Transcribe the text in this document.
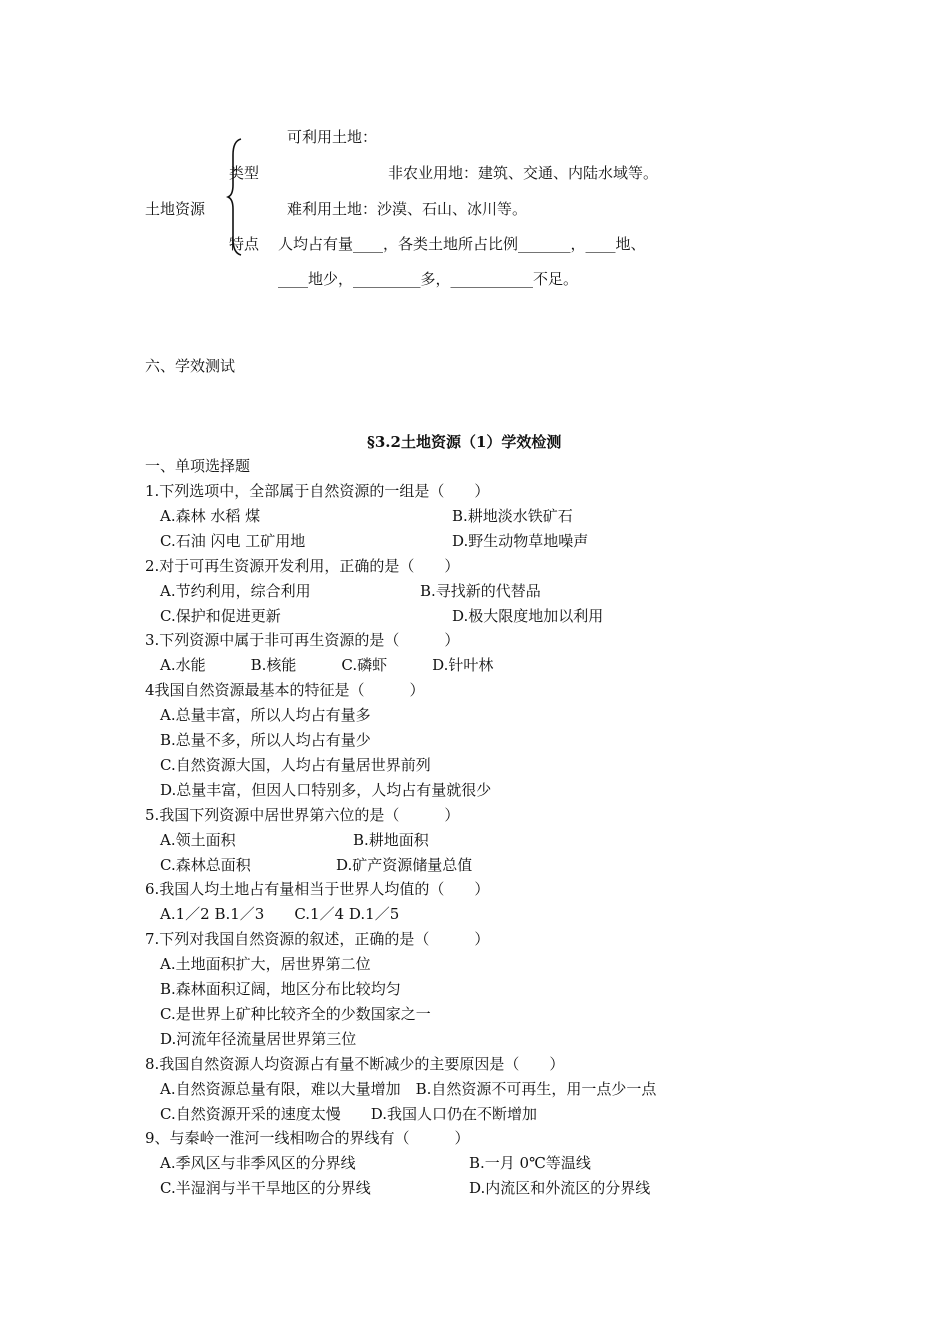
可利用土地：
类型	非农业用地：建筑、交通、内陆水域等。
土地资源	难利用土地：沙漠、石山、冰川等。
特点 人均占有量____，各类土地所占比例_______，____地、
____地少，_________多，___________不足。
六、学效测试
§3.2土地资源（1）学效检测
一、单项选择题
1.下列选项中，全部属于自然资源的一组是（　　）
A.森林 水稻 煤	B.耕地淡水铁矿石
C.石油 闪电 工矿用地	D.野生动物草地噪声
2.对于可再生资源开发利用，正确的是（　　）
A.节约利用，综合利用	B.寻找新的代替品
C.保护和促进更新	D.极大限度地加以利用
3.下列资源中属于非可再生资源的是（　　　）
A.水能　　　B.核能　　　C.磷虾　　　D.针叶林
4我国自然资源最基本的特征是（　　　）
A.总量丰富，所以人均占有量多
B.总量不多，所以人均占有量少
C.自然资源大国，人均占有量居世界前列
D.总量丰富，但因人口特别多，人均占有量就很少
5.我国下列资源中居世界第六位的是（　　　）
A.领土面积	B.耕地面积
C.森林总面积	D.矿产资源储量总值
6.我国人均土地占有量相当于世界人均值的（　　）
A.1／2 B.1／3　　C.1／4 D.1／5
7.下列对我国自然资源的叙述，正确的是（　　　）
A.土地面积扩大，居世界第二位
B.森林面积辽阔，地区分布比较均匀
C.是世界上矿种比较齐全的少数国家之一
D.河流年径流量居世界第三位
8.我国自然资源人均资源占有量不断减少的主要原因是（　　）
A.自然资源总量有限，难以大量增加　B.自然资源不可再生，用一点少一点
C.自然资源开采的速度太慢　　D.我国人口仍在不断增加
9、与秦岭一淮河一线相吻合的界线有（　　　）
A.季风区与非季风区的分界线	B.一月 0℃等温线
C.半湿润与半干旱地区的分界线	D.内流区和外流区的分界线
